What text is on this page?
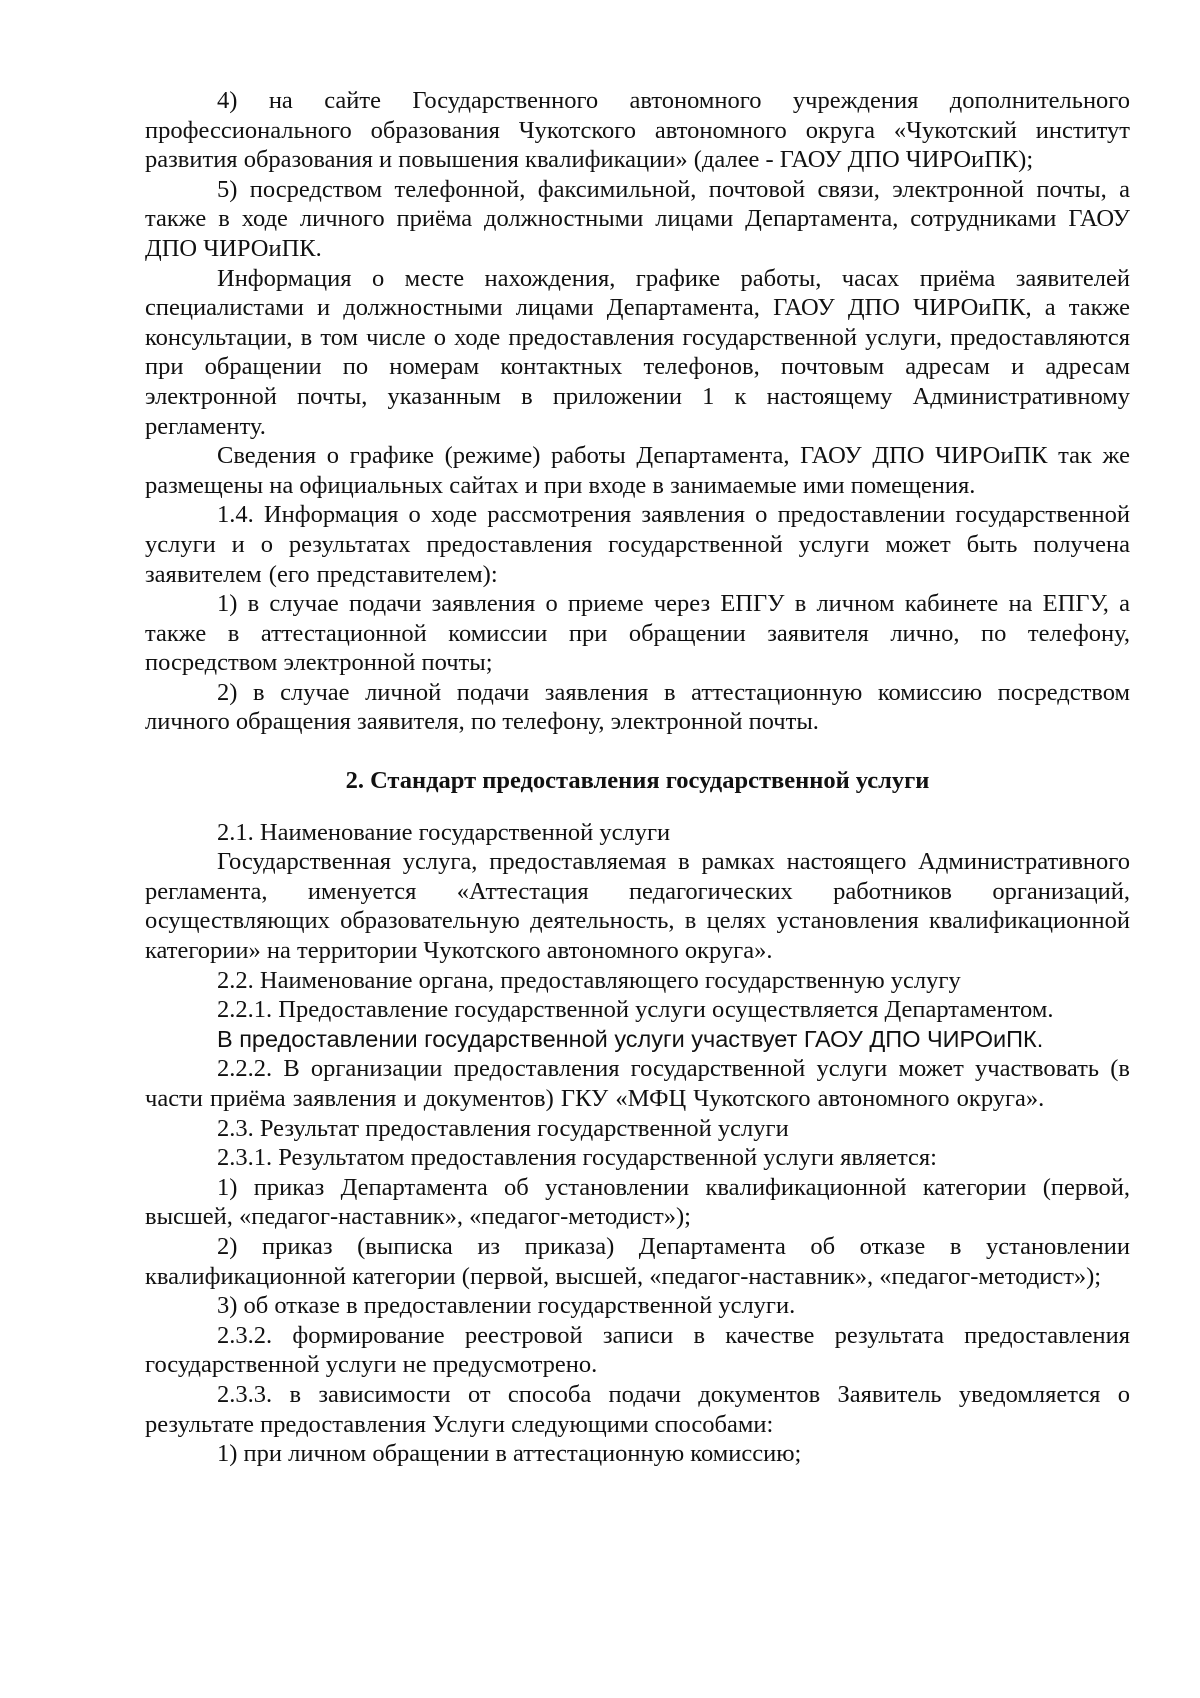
4) на сайте Государственного автономного учреждения дополнительного профессионального образования Чукотского автономного округа «Чукотский институт развития образования и повышения квалификации» (далее - ГАОУ ДПО ЧИРОиПК);

5) посредством телефонной, факсимильной, почтовой связи, электронной почты, а также в ходе личного приёма должностными лицами Департамента, сотрудниками ГАОУ ДПО ЧИРОиПК.

Информация о месте нахождения, графике работы, часах приёма заявителей специалистами и должностными лицами Департамента, ГАОУ ДПО ЧИРОиПК, а также консультации, в том числе о ходе предоставления государственной услуги, предоставляются при обращении по номерам контактных телефонов, почтовым адресам и адресам электронной почты, указанным в приложении 1 к настоящему Административному регламенту.

Сведения о графике (режиме) работы Департамента, ГАОУ ДПО ЧИРОиПК так же размещены на официальных сайтах и при входе в занимаемые ими помещения.

1.4. Информация о ходе рассмотрения заявления о предоставлении государственной услуги и о результатах предоставления государственной услуги может быть получена заявителем (его представителем):

1) в случае подачи заявления о приеме через ЕПГУ в личном кабинете на ЕПГУ, а также в аттестационной комиссии при обращении заявителя лично, по телефону, посредством электронной почты;

2) в случае личной подачи заявления в аттестационную комиссию посредством личного обращения заявителя, по телефону, электронной почты.

2. Стандарт предоставления государственной услуги

2.1. Наименование государственной услуги

Государственная услуга, предоставляемая в рамках настоящего Административного регламента, именуется «Аттестация педагогических работников организаций, осуществляющих образовательную деятельность, в целях установления квалификационной категории» на территории Чукотского автономного округа».

2.2. Наименование органа, предоставляющего государственную услугу

2.2.1. Предоставление государственной услуги осуществляется Департаментом.

В предоставлении государственной услуги участвует ГАОУ ДПО ЧИРОиПК.

2.2.2. В организации предоставления государственной услуги может участвовать (в части приёма заявления и документов) ГКУ «МФЦ Чукотского автономного округа».

2.3. Результат предоставления государственной услуги

2.3.1. Результатом предоставления государственной услуги является:

1) приказ Департамента об установлении квалификационной категории (первой, высшей, «педагог-наставник», «педагог-методист»);

2) приказ (выписка из приказа) Департамента об отказе в установлении квалификационной категории (первой, высшей, «педагог-наставник», «педагог-методист»);

3) об отказе в предоставлении государственной услуги.

2.3.2. формирование реестровой записи в качестве результата предоставления государственной услуги не предусмотрено.

2.3.3. в зависимости от способа подачи документов Заявитель уведомляется о результате предоставления Услуги следующими способами:

1) при личном обращении в аттестационную комиссию;
